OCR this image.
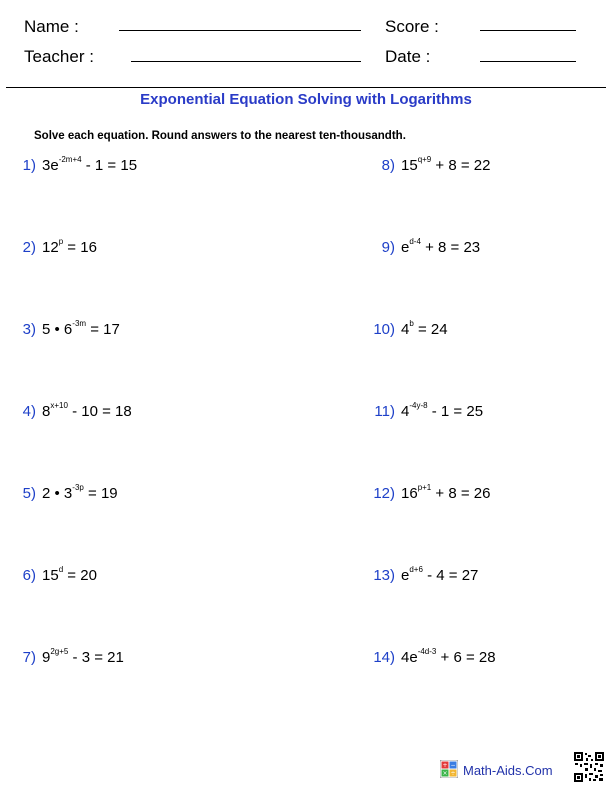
Name :
Teacher :
Score :
Date :
Exponential Equation Solving with Logarithms
Solve each equation. Round answers to the nearest ten-thousandth.
1) $3e^{-2m+4} - 1 = 15$
2) $12^p = 16$
3) 5 • $6^{-3m} = 17$
4) $8^{x+10} - 10 = 18$
5) 2 • $3^{-3p} = 19$
6) $15^d = 20$
7) $9^{2g+5} - 3 = 21$
8) $15^{q+9} + 8 = 22$
9) $e^{d-4} + 8 = 23$
10) $4^b = 24$
11) $4^{-4y-8} - 1 = 25$
12) $16^{p+1} + 8 = 26$
13) $e^{d+6} - 4 = 27$
14) $4e^{-4d-3} + 6 = 28$
+ −
× ÷ Math-Aids.Com
